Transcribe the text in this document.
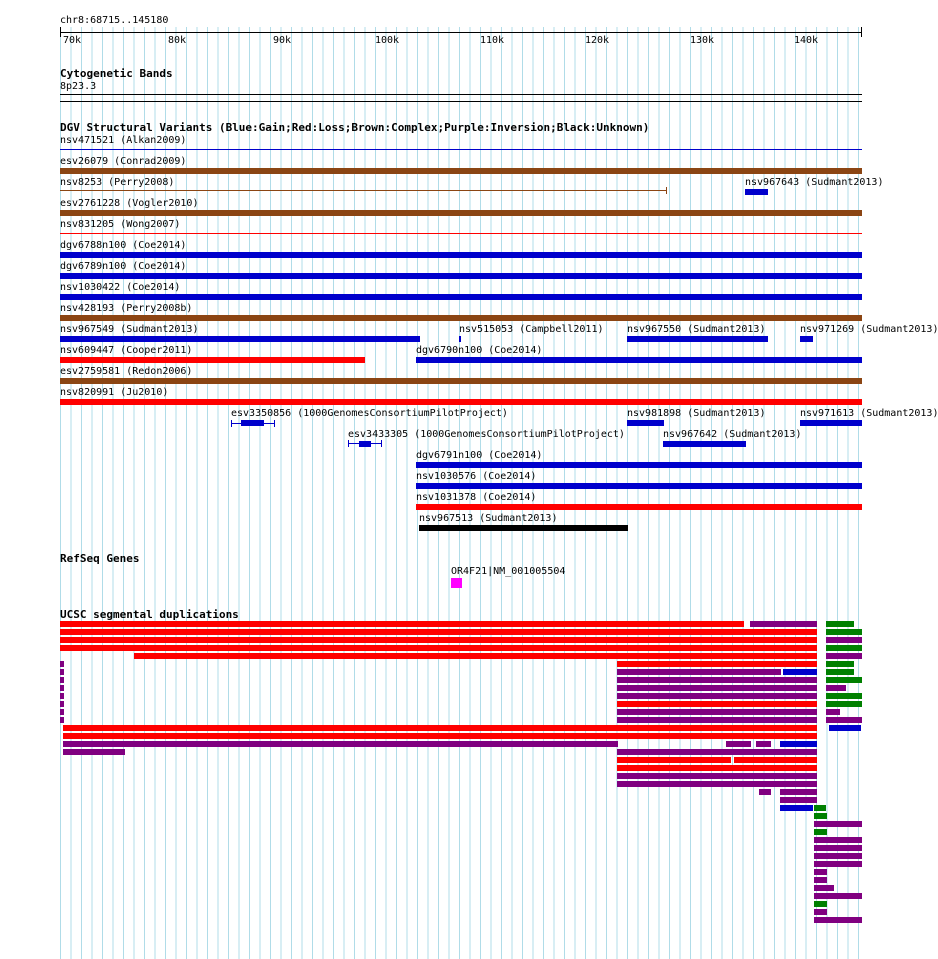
chr8:68715..145180
70k	80k	90k	100k	110k	120k	130k	140k
Cytogenetic Bands
8p23.3
DGV Structural Variants (Blue:Gain;Red:Loss;Brown:Complex;Purple:Inversion;Black:Unknown)
nsv471521 (Alkan2009)
esv26079 (Conrad2009)
nsv8253 (Perry2008)	nsv967643 (Sudmant2013)
esv2761228 (Vogler2010)
nsv831205 (Wong2007)
dgv6788n100 (Coe2014)
dgv6789n100 (Coe2014)
nsv1030422 (Coe2014)
nsv428193 (Perry2008b)
nsv967549 (Sudmant2013)	nsv515053 (Campbell2011) nsv967550 (Sudmant2013)	nsv971269 (Sudmant2013)
nsv609447 (Cooper2011)	dgv6790n100 (Coe2014)
esv2759581 (Redon2006)
nsv820991 (Ju2010)
esv3350856 (1000GenomesConsortiumPilotProject)	nsv981898 (Sudmant2013)	nsv971613 (Sudmant2013)
esv3433305 (1000GenomesConsortiumPilotProject)	nsv967642 (Sudmant2013)
dgv6791n100 (Coe2014)
nsv1030576 (Coe2014)
nsv1031378 (Coe2014)
nsv967513 (Sudmant2013)
RefSeq Genes
OR4F21|NM_001005504
UCSC segmental duplications
